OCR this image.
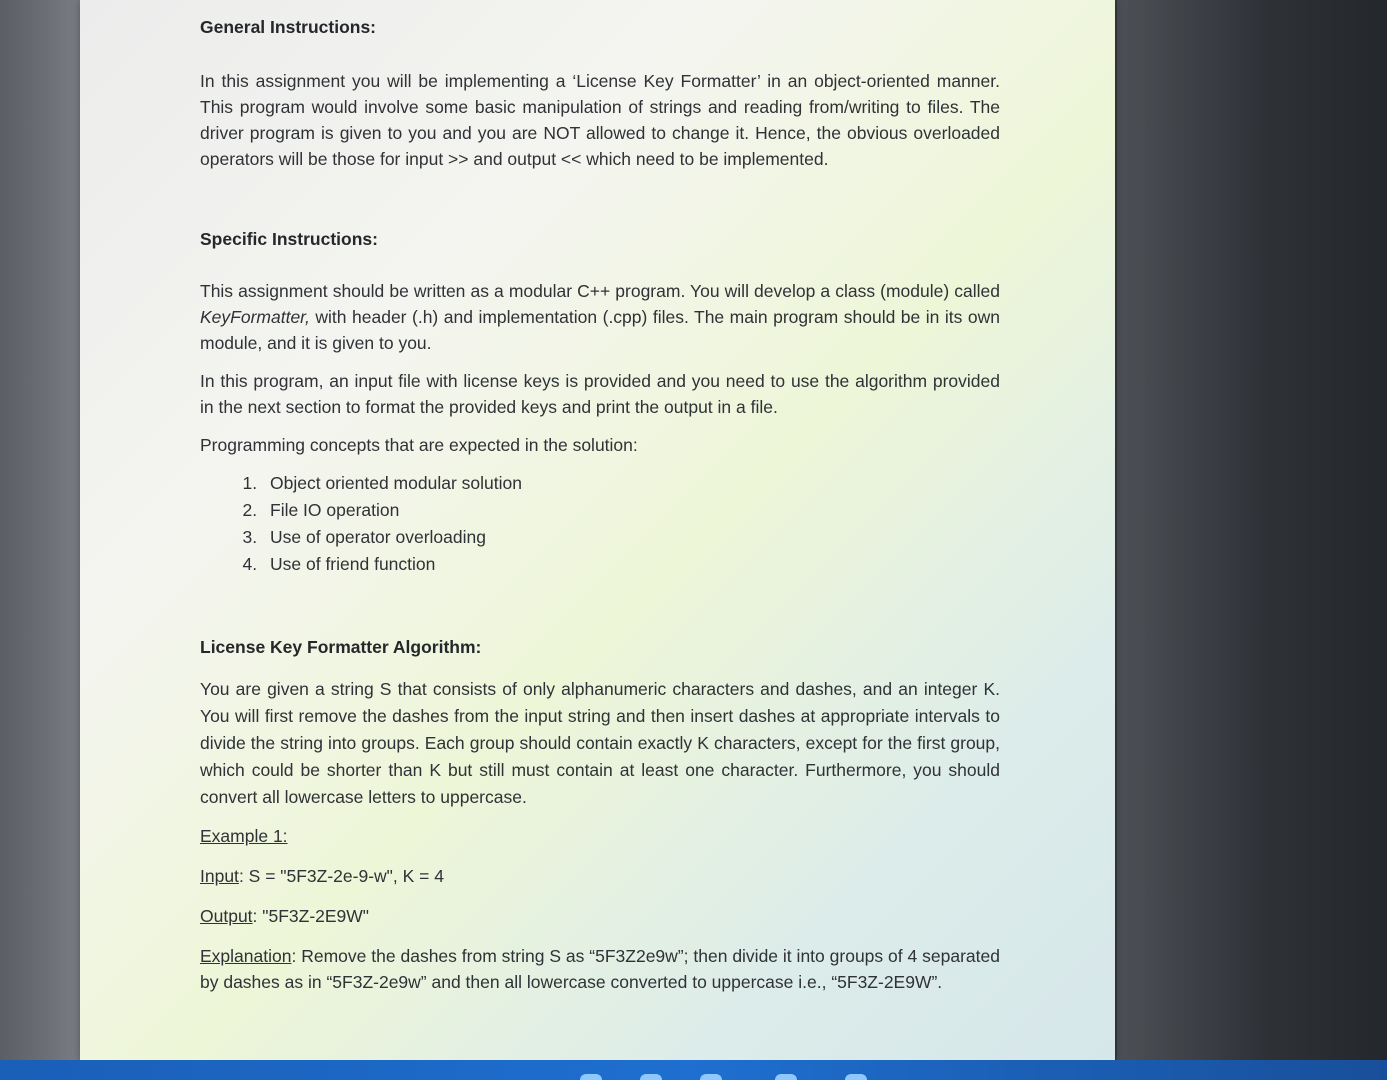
General Instructions:

In this assignment you will be implementing a ‘License Key Formatter’ in an object-oriented manner. This program would involve some basic manipulation of strings and reading from/writing to files. The driver program is given to you and you are NOT allowed to change it. Hence, the obvious overloaded operators will be those for input >> and output << which need to be implemented.

Specific Instructions:

This assignment should be written as a modular C++ program. You will develop a class (module) called KeyFormatter, with header (.h) and implementation (.cpp) files. The main program should be in its own module, and it is given to you.

In this program, an input file with license keys is provided and you need to use the algorithm provided in the next section to format the provided keys and print the output in a file.

Programming concepts that are expected in the solution:

1. Object oriented modular solution
2. File IO operation
3. Use of operator overloading
4. Use of friend function
License Key Formatter Algorithm:

You are given a string S that consists of only alphanumeric characters and dashes, and an integer K. You will first remove the dashes from the input string and then insert dashes at appropriate intervals to divide the string into groups. Each group should contain exactly K characters, except for the first group, which could be shorter than K but still must contain at least one character. Furthermore, you should convert all lowercase letters to uppercase.

Example 1:

Input: S = "5F3Z-2e-9-w", K = 4

Output: "5F3Z-2E9W"

Explanation: Remove the dashes from string S as “5F3Z2e9w”; then divide it into groups of 4 separated by dashes as in “5F3Z-2e9w” and then all lowercase converted to uppercase i.e., “5F3Z-2E9W”.
